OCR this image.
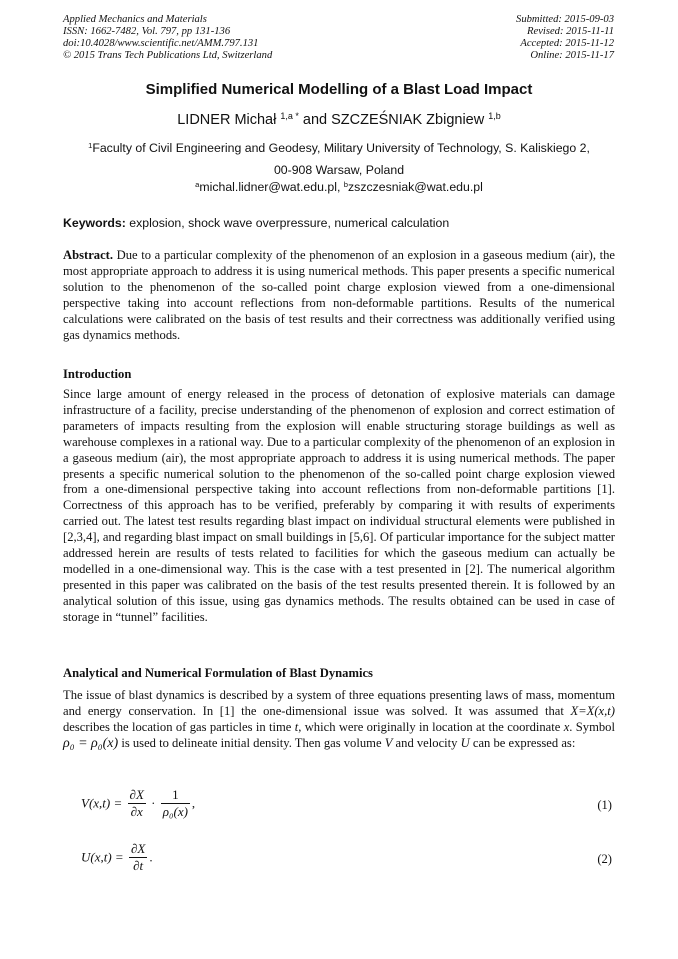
Applied Mechanics and Materials
ISSN: 1662-7482, Vol. 797, pp 131-136
doi:10.4028/www.scientific.net/AMM.797.131
© 2015 Trans Tech Publications Ltd, Switzerland
Submitted: 2015-09-03
Revised: 2015-11-11
Accepted: 2015-11-12
Online: 2015-11-17
Simplified Numerical Modelling of a Blast Load Impact
LIDNER Michał $^{1,a *}$ and SZCZEŚNIAK Zbigniew $^{1,b}$
$^1$Faculty of Civil Engineering and Geodesy, Military University of Technology, S. Kaliskiego 2,
00-908 Warsaw, Poland
$^a$michal.lidner@wat.edu.pl, $^b$zszczesniak@wat.edu.pl
Keywords: explosion, shock wave overpressure, numerical calculation

Abstract. Due to a particular complexity of the phenomenon of an explosion in a gaseous medium (air), the most appropriate approach to address it is using numerical methods. This paper presents a specific numerical solution to the phenomenon of the so-called point charge explosion viewed from a one-dimensional perspective taking into account reflections from non-deformable partitions. Results of the numerical calculations were calibrated on the basis of test results and their correctness was additionally verified using gas dynamics methods.

Introduction

Since large amount of energy released in the process of detonation of explosive materials can damage infrastructure of a facility, precise understanding of the phenomenon of explosion and correct estimation of parameters of impacts resulting from the explosion will enable structuring storage buildings as well as warehouse complexes in a rational way. Due to a particular complexity of the phenomenon of an explosion in a gaseous medium (air), the most appropriate approach to address it is using numerical methods. The paper presents a specific numerical solution to the phenomenon of the so-called point charge explosion viewed from a one-dimensional perspective taking into account reflections from non-deformable partitions [1]. Correctness of this approach has to be verified, preferably by comparing it with results of experiments carried out. The latest test results regarding blast impact on individual structural elements were published in [2,3,4], and regarding blast impact on small buildings in [5,6]. Of particular importance for the subject matter addressed herein are results of tests related to facilities for which the gaseous medium can actually be modelled in a one-dimensional way. This is the case with a test presented in [2]. The numerical algorithm presented in this paper was calibrated on the basis of the test results presented therein. It is followed by an analytical solution of this issue, using gas dynamics methods. The results obtained can be used in case of storage in “tunnel” facilities.

Analytical and Numerical Formulation of Blast Dynamics

The issue of blast dynamics is described by a system of three equations presenting laws of mass, momentum and energy conservation. In [1] the one-dimensional issue was solved. It was assumed that X=X(x,t) describes the location of gas particles in time t, which were originally in location at the coordinate x. Symbol ρ₀ = ρ₀(x) is used to delineate initial density. Then gas volume V and velocity U can be expressed as:

$V(x,t) = \frac{\partial X}{\partial x} \cdot \frac{1}{\text{ρ₀(x)}}$ ,	(1)
$U(x,t) = \frac{\partial X}{\partial t}$ .	(2)
